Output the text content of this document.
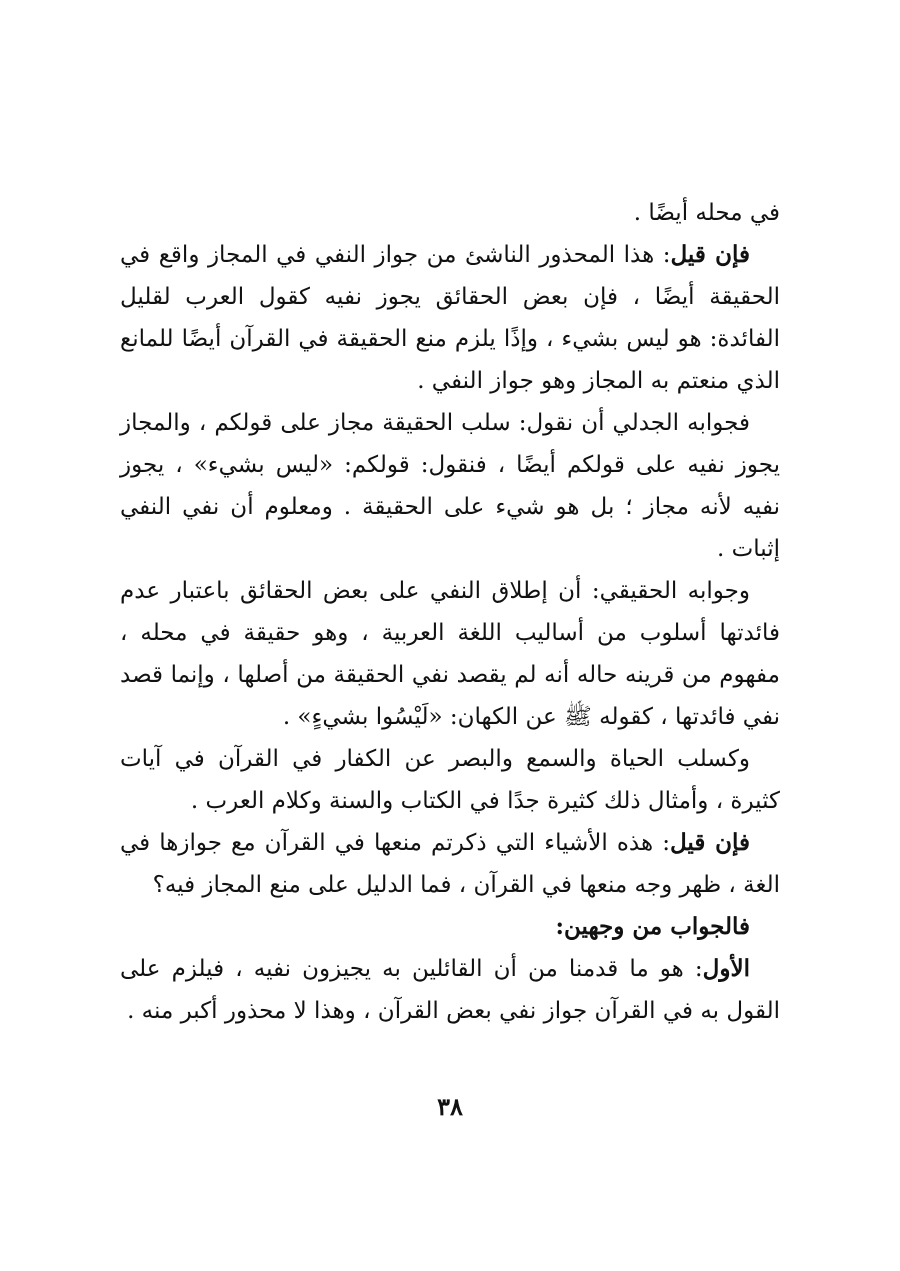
في محله أيضًا .

فإن قيل: هذا المحذور الناشئ من جواز النفي في المجاز واقع في الحقيقة أيضًا ، فإن بعض الحقائق يجوز نفيه كقول العرب لقليل الفائدة: هو ليس بشيء ، وإذًا يلزم منع الحقيقة في القرآن أيضًا للمانع الذي منعتم به المجاز وهو جواز النفي .

فجوابه الجدلي أن نقول: سلب الحقيقة مجاز على قولكم ، والمجاز يجوز نفيه على قولكم أيضًا ، فنقول: قولكم: «ليس بشيء» ، يجوز نفيه لأنه مجاز ؛ بل هو شيء على الحقيقة . ومعلوم أن نفي النفي إثبات .

وجوابه الحقيقي: أن إطلاق النفي على بعض الحقائق باعتبار عدم فائدتها أسلوب من أساليب اللغة العربية ، وهو حقيقة في محله ، مفهوم من قرينه حاله أنه لم يقصد نفي الحقيقة من أصلها ، وإنما قصد نفي فائدتها ، كقوله ﷺ عن الكهان: «لَيْسُوا بشيءٍ» .

وكسلب الحياة والسمع والبصر عن الكفار في القرآن في آيات كثيرة ، وأمثال ذلك كثيرة جدًا في الكتاب والسنة وكلام العرب .

فإن قيل: هذه الأشياء التي ذكرتم منعها في القرآن مع جوازها في الغة ، ظهر وجه منعها في القرآن ، فما الدليل على منع المجاز فيه؟

فالجواب من وجهين:

الأول: هو ما قدمنا من أن القائلين به يجيزون نفيه ، فيلزم على القول به في القرآن جواز نفي بعض القرآن ، وهذا لا محذور أكبر منه .

٣٨
